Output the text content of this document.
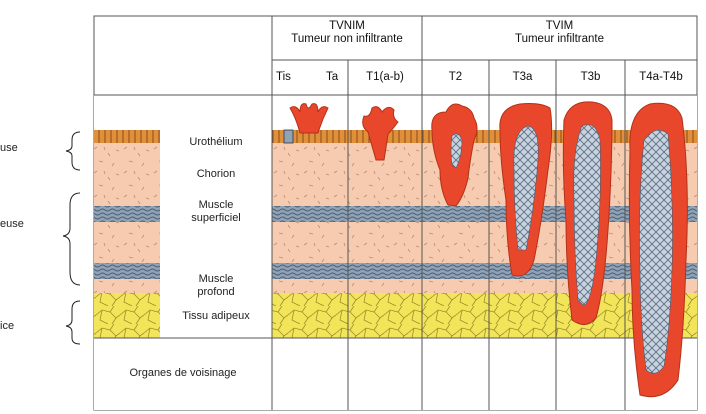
use
euse
ice
TVNIM
Tumeur non infiltrante
TVIM
Tumeur infiltrante
Tis	Ta	T1(a-b)	T2	T3a	T3b	T4a-T4b
Urothélium
Chorion
Muscle
superficiel
Muscle
profond
Tissu adipeux
Organes de voisinage
